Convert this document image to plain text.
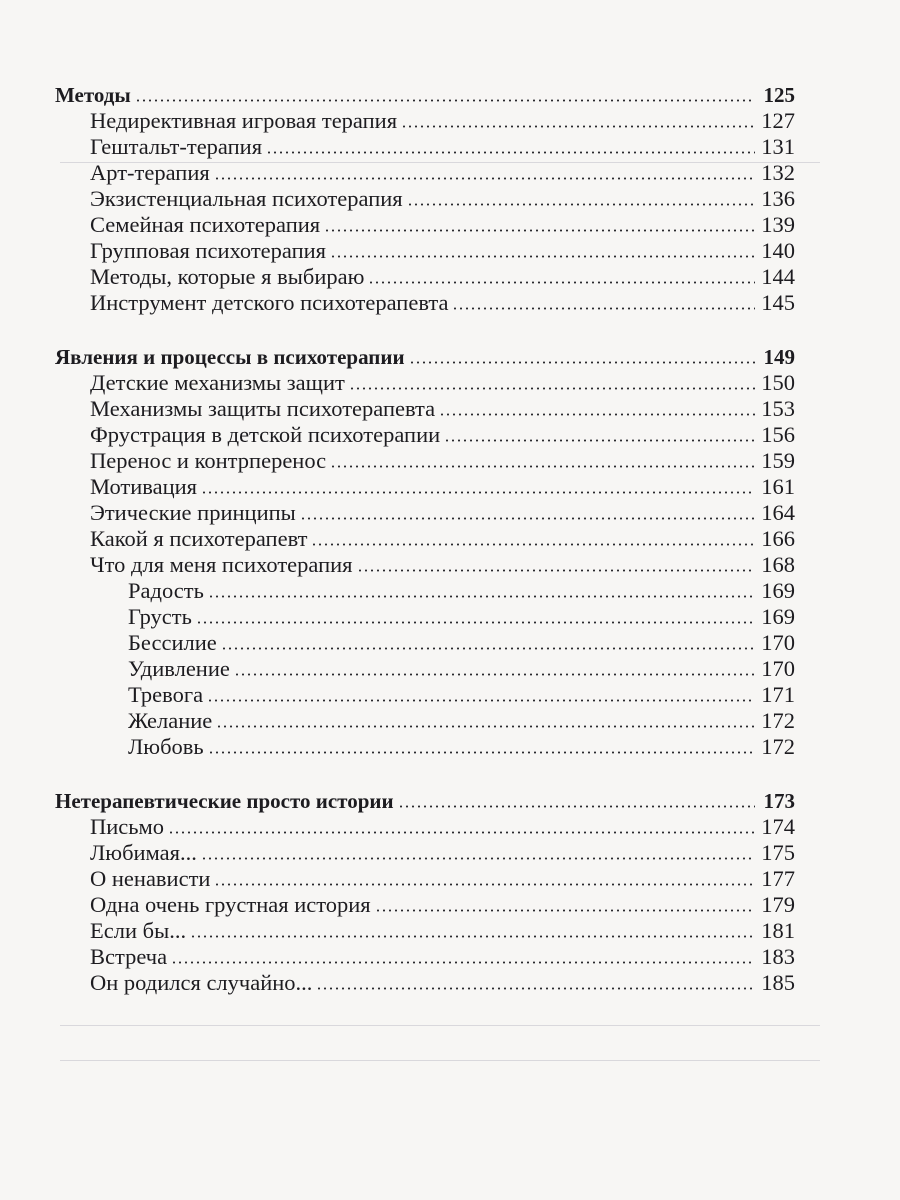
Методы	125
Недирективная игровая терапия	127
Гештальт-терапия	131
Арт-терапия	132
Экзистенциальная психотерапия	136
Семейная психотерапия	139
Групповая психотерапия	140
Методы, которые я выбираю	144
Инструмент детского психотерапевта	145
Явления и процессы в психотерапии	149
Детские механизмы защит	150
Механизмы защиты психотерапевта	153
Фрустрация в детской психотерапии	156
Перенос и контрперенос	159
Мотивация	161
Этические принципы	164
Какой я психотерапевт	166
Что для меня психотерапия	168
Радость	169
Грусть	169
Бессилие	170
Удивление	170
Тревога	171
Желание	172
Любовь	172
Нетерапевтические просто истории	173
Письмо	174
Любимая...	175
О ненависти	177
Одна очень грустная история	179
Если бы...	181
Встреча	183
Он родился случайно...	185
